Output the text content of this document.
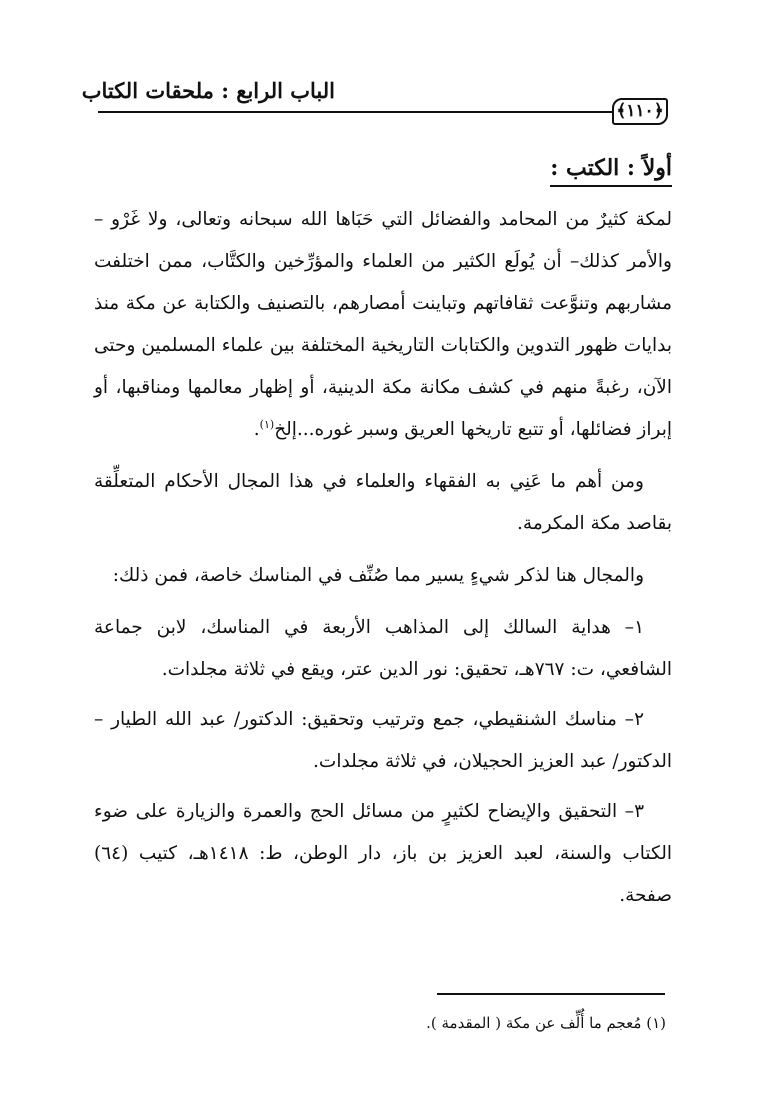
الباب الرابع : ملحقات الكتاب
﴿١١٠﴾
أولاً : الكتب :

لمكة كثيرٌ من المحامد والفضائل التي حَبَاها الله سبحانه وتعالى، ولا غَرْو –والأمر كذلك– أن يُولَع الكثير من العلماء والمؤرِّخين والكتَّاب، ممن اختلفت مشاربهم وتنوَّعت ثقافاتهم وتباينت أمصارهم، بالتصنيف والكتابة عن مكة منذ بدايات ظهور التدوين والكتابات التاريخية المختلفة بين علماء المسلمين وحتى الآن، رغبةً منهم في كشف مكانة مكة الدينية، أو إظهار معالمها ومناقبها، أو إبراز فضائلها، أو تتبع تاريخها العريق وسبر غوره...إلخ$^{(١)}$.

ومن أهم ما عَنِي به الفقهاء والعلماء في هذا المجال الأحكام المتعلِّقة بقاصد مكة المكرمة.

والمجال هنا لذكر شيءٍ يسير مما صُنِّف في المناسك خاصة، فمن ذلك:

١– هداية السالك إلى المذاهب الأربعة في المناسك، لابن جماعة الشافعي، ت: ٧٦٧هـ، تحقيق: نور الدين عتر، ويقع في ثلاثة مجلدات.

٢– مناسك الشنقيطي، جمع وترتيب وتحقيق: الدكتور/ عبد الله الطيار – الدكتور/ عبد العزيز الحجيلان، في ثلاثة مجلدات.

٣– التحقيق والإيضاح لكثيرٍ من مسائل الحج والعمرة والزيارة على ضوء الكتاب والسنة، لعبد العزيز بن باز، دار الوطن، ط: ١٤١٨هـ، كتيب (٦٤) صفحة.

(١) مُعجم ما أُلِّف عن مكة ( المقدمة ).
